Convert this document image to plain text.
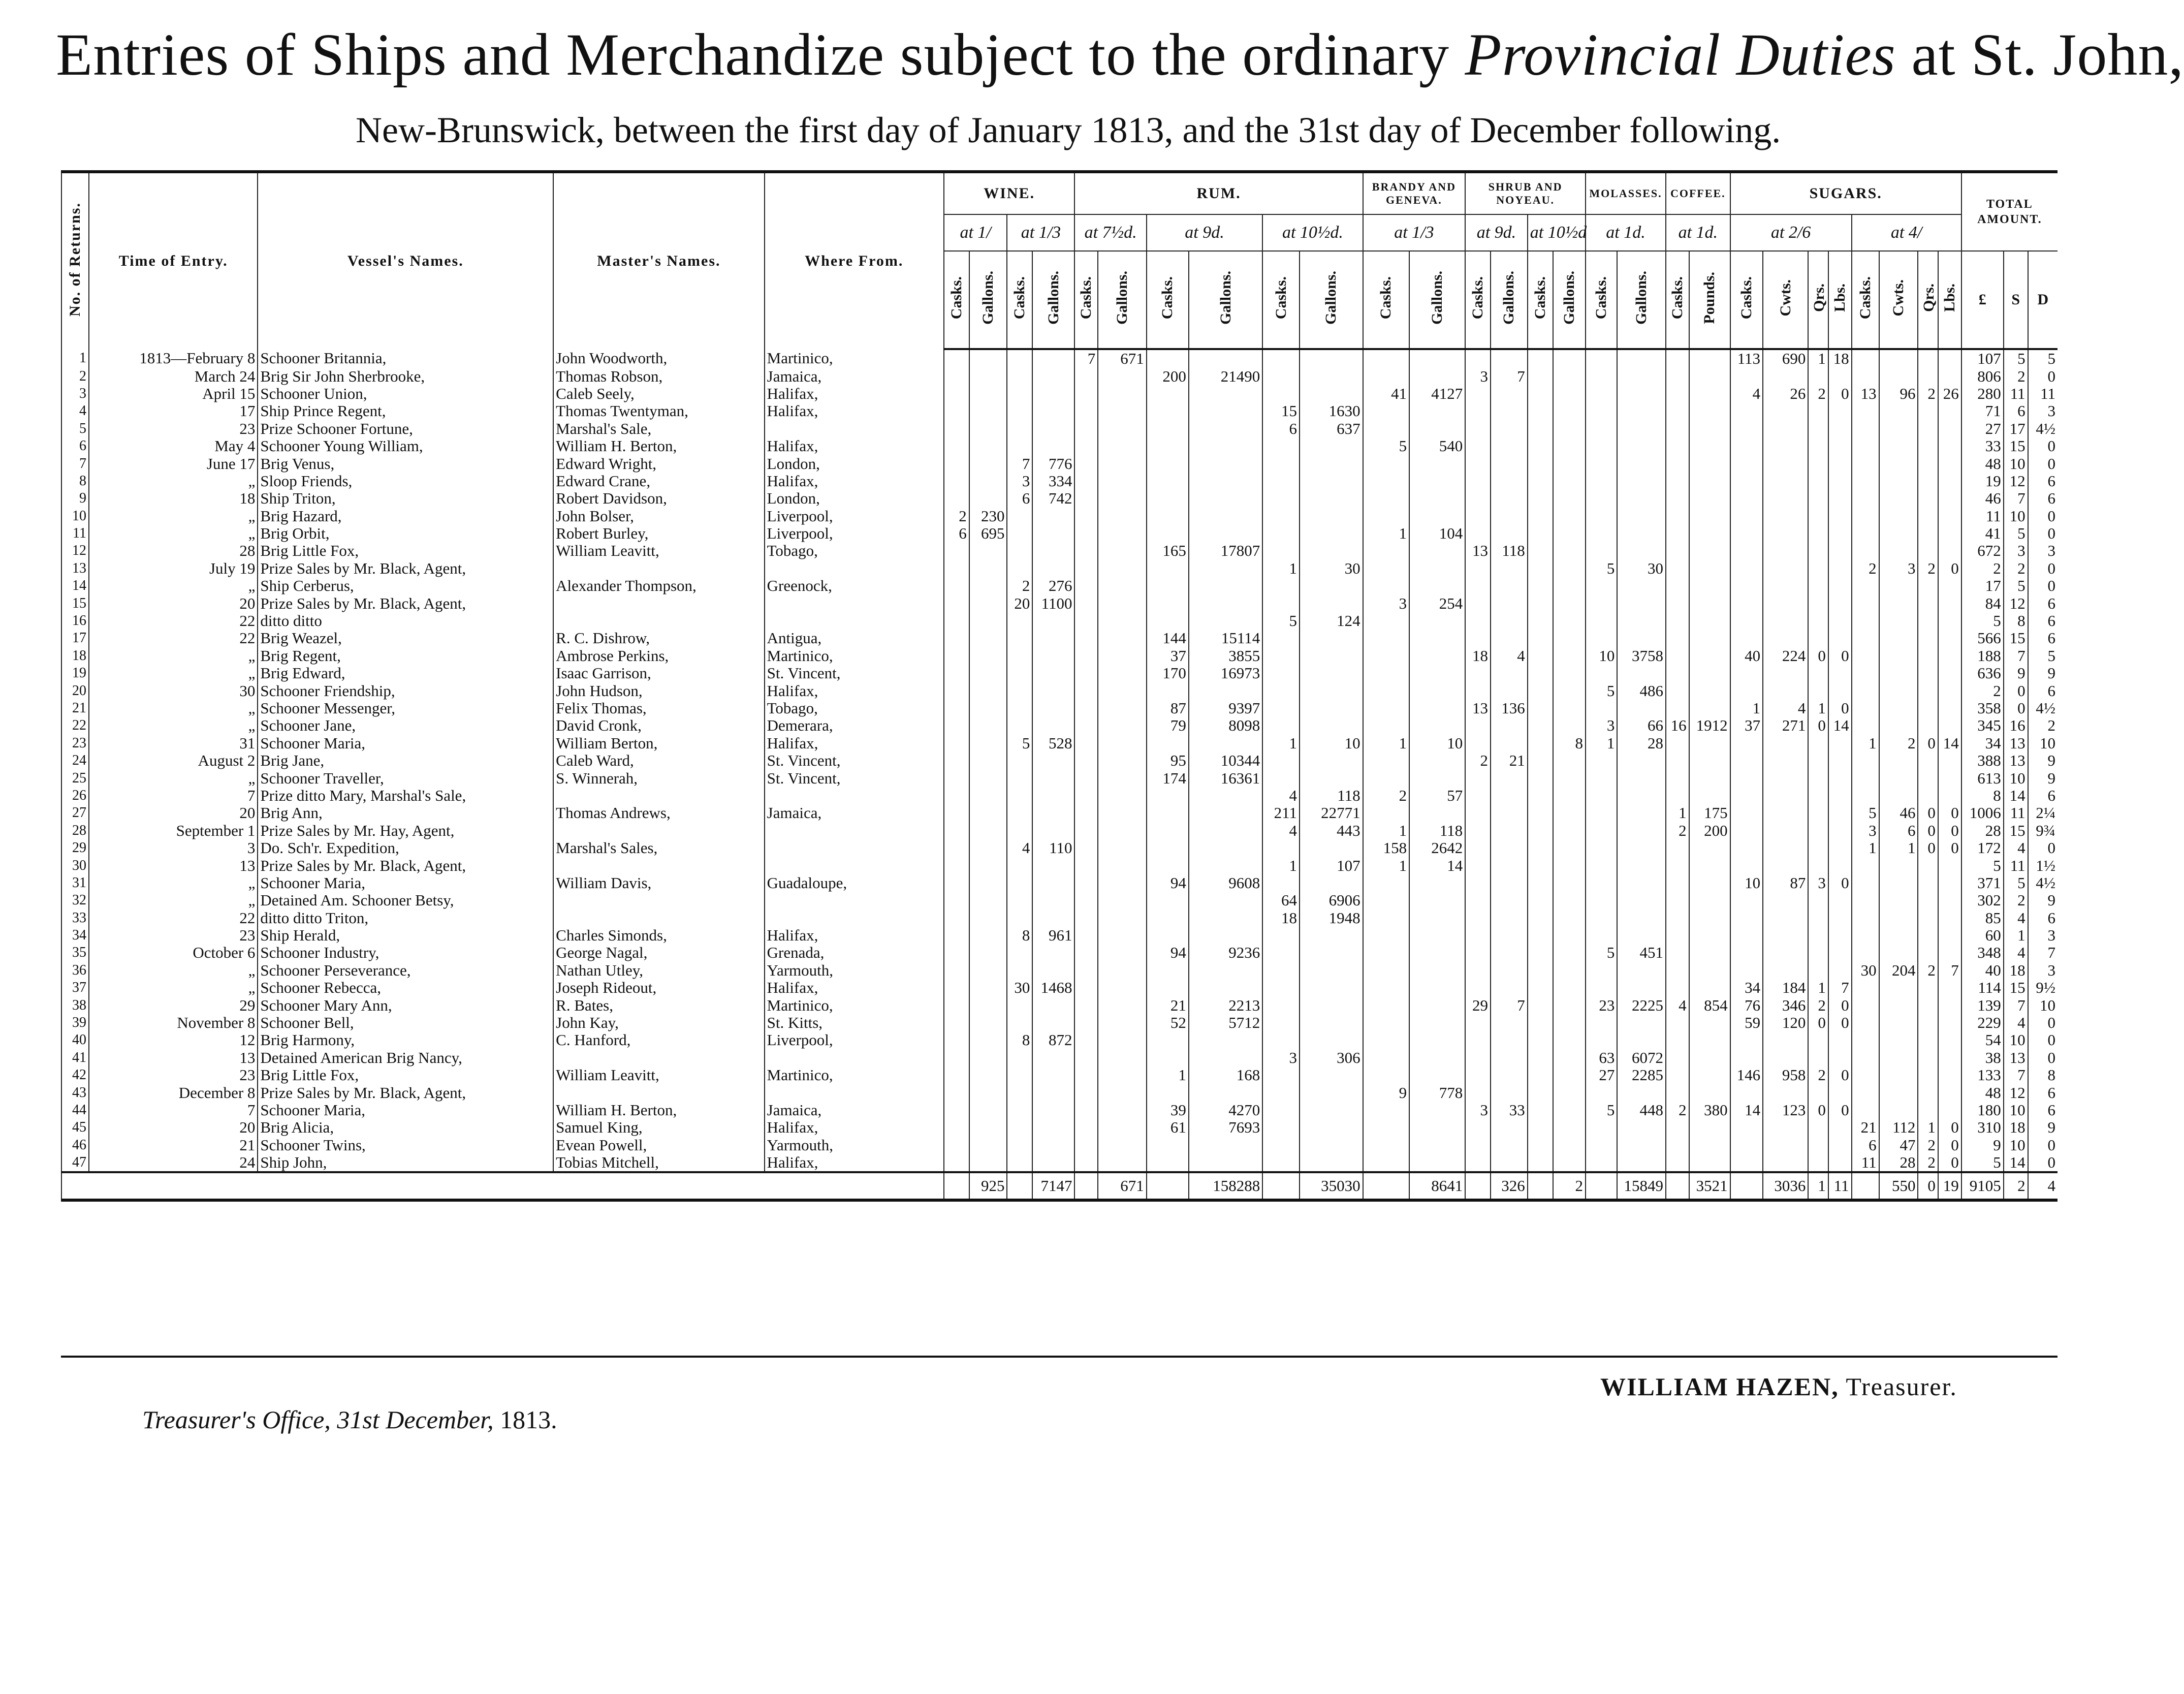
Entries of Ships and Merchandize subject to the ordinary Provincial Duties at St. John,
New-Brunswick, between the first day of January 1813, and the 31st day of December following.
No. of Returns.	Time of Entry.	Vessel's Names.	Master's Names.	Where From.	WINE.				RUM.						BRANDY AND GENEVA.		SHRUB AND NOYEAU.				MOLASSES.		COFFEE.		SUGARS.								TOTAL AMOUNT.		
					at 1/		at 1/3		at 7½d.		at 9d.		at 10½d.		at 1/3		at 9d.		at 10½d		at 1d.		at 1d.		at 2/6				at 4/						
					Casks.	Gallons.	Casks.	Gallons.	Casks.	Gallons.	Casks.	Gallons.	Casks.	Gallons.	Casks.	Gallons.	Casks.	Gallons.	Casks.	Gallons.	Casks.	Gallons.	Casks.	Pounds.	Casks.	Cwts.	Qrs.	Lbs.	Casks.	Cwts.	Qrs.	Lbs.	£	S	D
1	1813—February 8	Schooner Britannia,	John Woodworth,	Martinico,					7	671															113	690	1	18					107	5	5
2	March 24	Brig Sir John Sherbrooke,	Thomas Robson,	Jamaica,							200	21490					3	7															806	2	0
3	April 15	Schooner Union,	Caleb Seely,	Halifax,											41	4127									4	26	2	0	13	96	2	26	280	11	11
4	17	Ship Prince Regent,	Thomas Twentyman,	Halifax,									15	1630																			71	6	3
5	23	Prize Schooner Fortune,	Marshal's Sale,										6	637																			27	17	4½
6	May 4	Schooner Young William,	William H. Berton,	Halifax,											5	540																	33	15	0
7	June 17	Brig Venus,	Edward Wright,	London,			7	776																									48	10	0
8	„	Sloop Friends,	Edward Crane,	Halifax,			3	334																									19	12	6
9	18	Ship Triton,	Robert Davidson,	London,			6	742																									46	7	6
10	„	Brig Hazard,	John Bolser,	Liverpool,	2	230																											11	10	0
11	„	Brig Orbit,	Robert Burley,	Liverpool,	6	695									1	104																	41	5	0
12	28	Brig Little Fox,	William Leavitt,	Tobago,							165	17807					13	118															672	3	3
13	July 19	Prize Sales by Mr. Black, Agent,											1	30							5	30							2	3	2	0	2	2	0
14	„	Ship Cerberus,	Alexander Thompson,	Greenock,			2	276																									17	5	0
15	20	Prize Sales by Mr. Black, Agent,					20	1100							3	254																	84	12	6
16	22	ditto ditto											5	124																			5	8	6
17	22	Brig Weazel,	R. C. Dishrow,	Antigua,							144	15114																					566	15	6
18	„	Brig Regent,	Ambrose Perkins,	Martinico,							37	3855					18	4			10	3758			40	224	0	0					188	7	5
19	„	Brig Edward,	Isaac Garrison,	St. Vincent,							170	16973																					636	9	9
20	30	Schooner Friendship,	John Hudson,	Halifax,																	5	486											2	0	6
21	„	Schooner Messenger,	Felix Thomas,	Tobago,							87	9397					13	136							1	4	1	0					358	0	4½
22	„	Schooner Jane,	David Cronk,	Demerara,							79	8098									3	66	16	1912	37	271	0	14					345	16	2
23	31	Schooner Maria,	William Berton,	Halifax,			5	528					1	10	1	10				8	1	28							1	2	0	14	34	13	10
24	August 2	Brig Jane,	Caleb Ward,	St. Vincent,							95	10344					2	21															388	13	9
25	„	Schooner Traveller,	S. Winnerah,	St. Vincent,							174	16361																					613	10	9
26	7	Prize ditto Mary, Marshal's Sale,											4	118	2	57																	8	14	6
27	20	Brig Ann,	Thomas Andrews,	Jamaica,									211	22771									1	175					5	46	0	0	1006	11	2¼
28	September 1	Prize Sales by Mr. Hay, Agent,											4	443	1	118							2	200					3	6	0	0	28	15	9¾
29	3	Do. Sch'r. Expedition,	Marshal's Sales,				4	110							158	2642													1	1	0	0	172	4	0
30	13	Prize Sales by Mr. Black, Agent,											1	107	1	14																	5	11	1½
31	„	Schooner Maria,	William Davis,	Guadaloupe,							94	9608													10	87	3	0					371	5	4½
32	„	Detained Am. Schooner Betsy,											64	6906																			302	2	9
33	22	ditto ditto Triton,											18	1948																			85	4	6
34	23	Ship Herald,	Charles Simonds,	Halifax,			8	961																									60	1	3
35	October 6	Schooner Industry,	George Nagal,	Grenada,							94	9236									5	451											348	4	7
36	„	Schooner Perseverance,	Nathan Utley,	Yarmouth,																									30	204	2	7	40	18	3
37	„	Schooner Rebecca,	Joseph Rideout,	Halifax,			30	1468																	34	184	1	7					114	15	9½
38	29	Schooner Mary Ann,	R. Bates,	Martinico,							21	2213					29	7			23	2225	4	854	76	346	2	0					139	7	10
39	November 8	Schooner Bell,	John Kay,	St. Kitts,							52	5712													59	120	0	0					229	4	0
40	12	Brig Harmony,	C. Hanford,	Liverpool,			8	872																									54	10	0
41	13	Detained American Brig Nancy,											3	306							63	6072											38	13	0
42	23	Brig Little Fox,	William Leavitt,	Martinico,							1	168									27	2285			146	958	2	0					133	7	8
43	December 8	Prize Sales by Mr. Black, Agent,													9	778																	48	12	6
44	7	Schooner Maria,	William H. Berton,	Jamaica,							39	4270					3	33			5	448	2	380	14	123	0	0					180	10	6
45	20	Brig Alicia,	Samuel King,	Halifax,							61	7693																	21	112	1	0	310	18	9
46	21	Schooner Twins,	Evean Powell,	Yarmouth,																									6	47	2	0	9	10	0
47	24	Ship John,	Tobias Mitchell,	Halifax,																									11	28	2	0	5	14	0
						925		7147		671		158288		35030		8641		326		2		15849		3521		3036	1	11		550	0	19	9105	2	4
WILLIAM HAZEN, Treasurer.
Treasurer's Office, 31st December, 1813.
